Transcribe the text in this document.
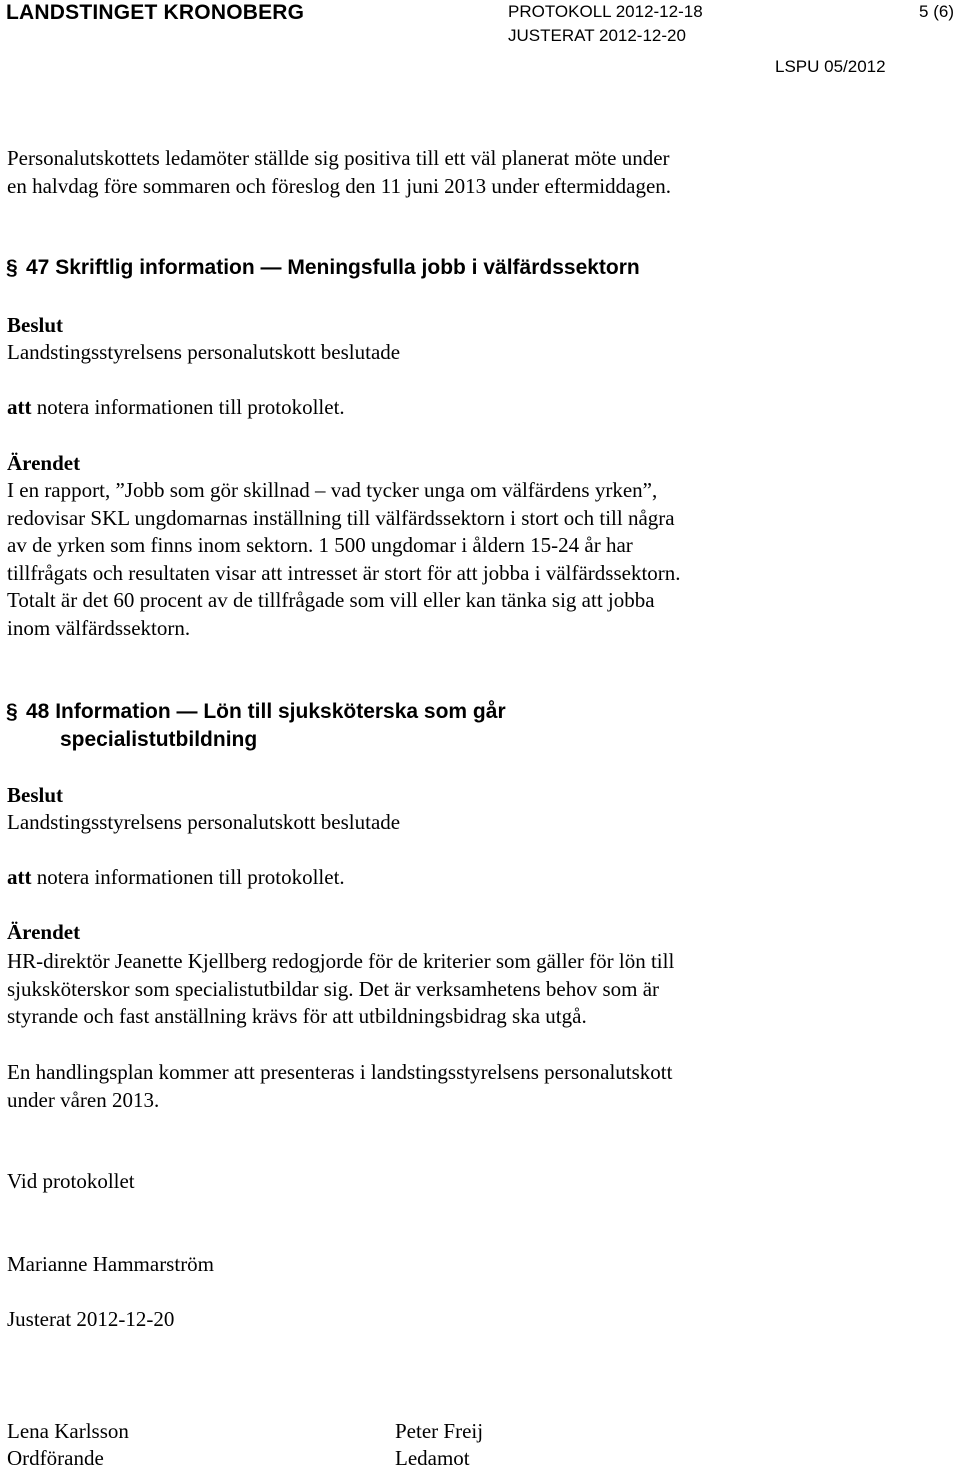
LANDSTINGET KRONOBERG	PROTOKOLL 2012-12-18
JUSTERAT 2012-12-20
5 (6)
LSPU 05/2012
Personalutskottets ledamöter ställde sig positiva till ett väl planerat möte under
en halvdag före sommaren och föreslog den 11 juni 2013 under eftermiddagen.
§ 47 Skriftlig information — Meningsfulla jobb i välfärdssektorn
Beslut
Landstingsstyrelsens personalutskott beslutade
att notera informationen till protokollet.
Ärendet
I en rapport, ”Jobb som gör skillnad – vad tycker unga om välfärdens yrken”,
redovisar SKL ungdomarnas inställning till välfärdssektorn i stort och till några
av de yrken som finns inom sektorn. 1 500 ungdomar i åldern 15-24 år har
tillfrågats och resultaten visar att intresset är stort för att jobba i välfärdssektorn.
Totalt är det 60 procent av de tillfrågade som vill eller kan tänka sig att jobba
inom välfärdssektorn.
§ 48 Information — Lön till sjuksköterska som går
specialistutbildning
Beslut
Landstingsstyrelsens personalutskott beslutade
att notera informationen till protokollet.
Ärendet
HR-direktör Jeanette Kjellberg redogjorde för de kriterier som gäller för lön till
sjuksköterskor som specialistutbildar sig. Det är verksamhetens behov som är
styrande och fast anställning krävs för att utbildningsbidrag ska utgå.
En handlingsplan kommer att presenteras i landstingsstyrelsens personalutskott
under våren 2013.
Vid protokollet
Marianne Hammarström
Justerat 2012-12-20
Lena Karlsson
Ordförande
Peter Freij
Ledamot
